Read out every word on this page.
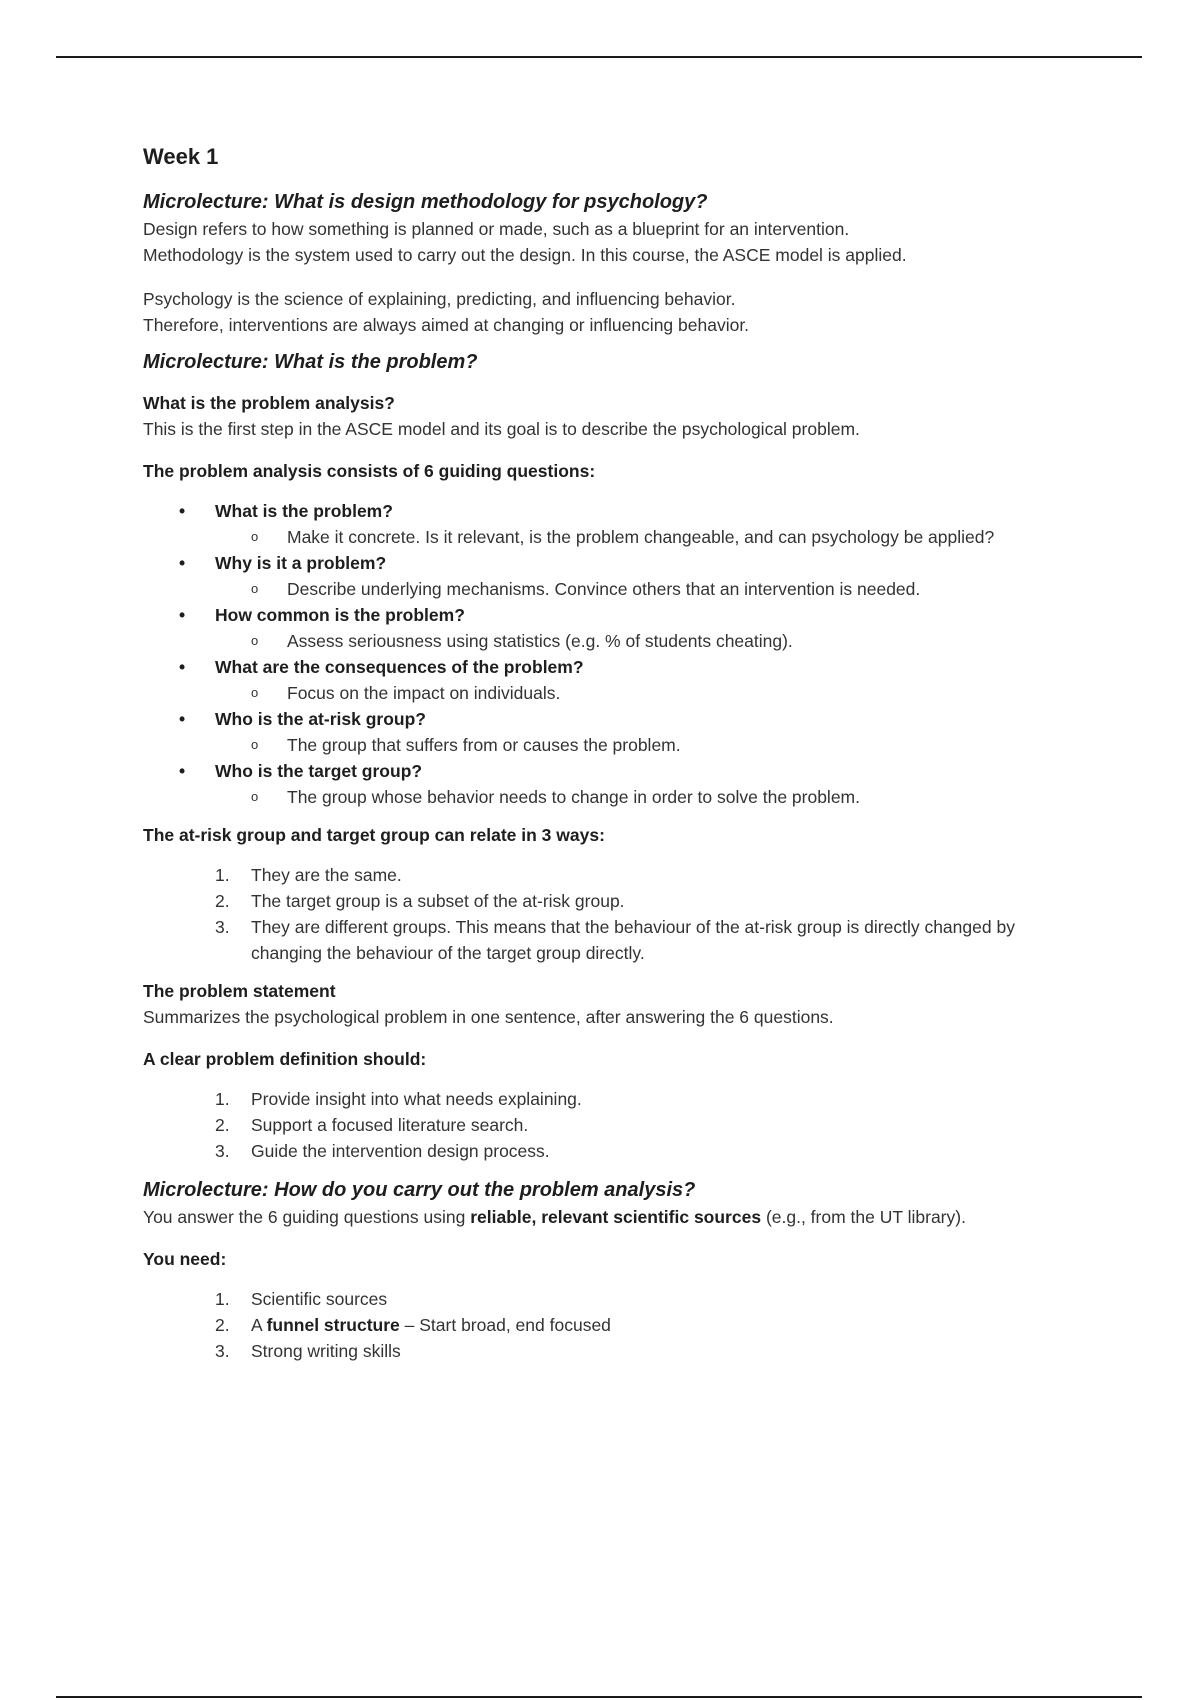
Week 1
Microlecture: What is design methodology for psychology?

Design refers to how something is planned or made, such as a blueprint for an intervention.

Methodology is the system used to carry out the design. In this course, the ASCE model is applied.

Psychology is the science of explaining, predicting, and influencing behavior.

Therefore, interventions are always aimed at changing or influencing behavior.

Microlecture: What is the problem?

What is the problem analysis?

This is the first step in the ASCE model and its goal is to describe the psychological problem.

The problem analysis consists of 6 guiding questions:

• What is the problem?
o Make it concrete. Is it relevant, is the problem changeable, and can psychology be applied?
• Why is it a problem?
o Describe underlying mechanisms. Convince others that an intervention is needed.
• How common is the problem?
o Assess seriousness using statistics (e.g. % of students cheating).
• What are the consequences of the problem?
o Focus on the impact on individuals.
• Who is the at-risk group?
o The group that suffers from or causes the problem.
• Who is the target group?
o The group whose behavior needs to change in order to solve the problem.

The at-risk group and target group can relate in 3 ways:

1. They are the same.
2. The target group is a subset of the at-risk group.
3. They are different groups. This means that the behaviour of the at-risk group is directly changed by changing the behaviour of the target group directly.

The problem statement

Summarizes the psychological problem in one sentence, after answering the 6 questions.

A clear problem definition should:

1. Provide insight into what needs explaining.
2. Support a focused literature search.
3. Guide the intervention design process.
Microlecture: How do you carry out the problem analysis?

You answer the 6 guiding questions using reliable, relevant scientific sources (e.g., from the UT library).

You need:

1. Scientific sources
2. A funnel structure – Start broad, end focused
3. Strong writing skills
